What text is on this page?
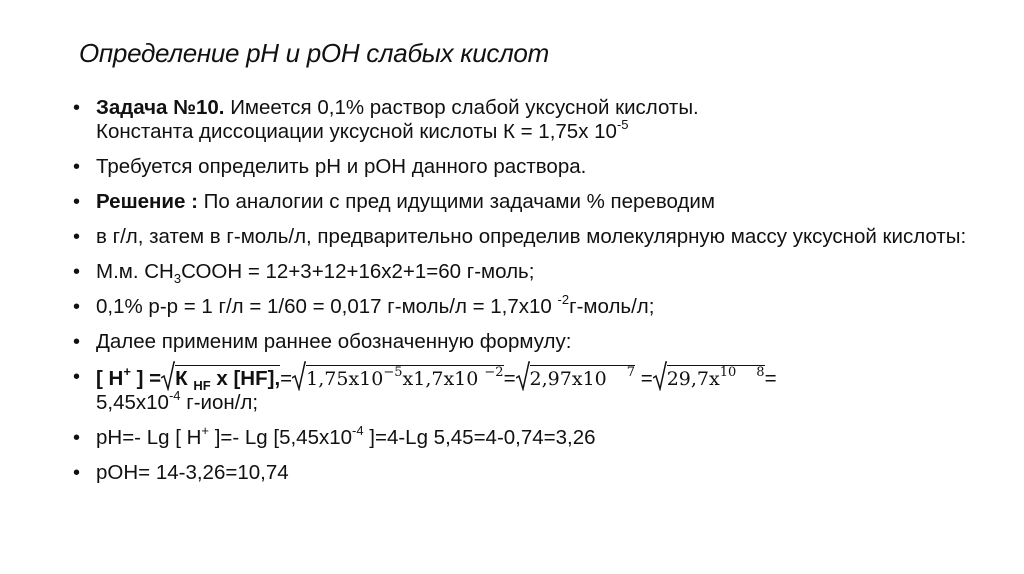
Определение pH и pOH слабых кислот
• Задача №10. Имеется 0,1% раствор слабой уксусной кислоты.
Константа диссоциации уксусной кислоты К = 1,75х $10^{-5}$
• Требуется определить рН и рОН данного раствора.
• Решение : По аналогии с пред идущими задачами % переводим
• в г/л, затем в г-моль/л, предварительно определив молекулярную массу уксусной кислоты:
• М.м. $СН_3СООН = 12+3+12+16х2+1=60$ г-моль;
• 0,1% р-р = 1 г/л = 1/60 = 0,017 г-моль/л = 1,7х10 $^{-2}$г-моль/л;
• Далее применим раннее обозначенную формулу:
• [ H+ ] = К $_{HF}$ х $[HF],= 1,75х10^{-5}х1,7х10$ $^{-2}$= 2,97х10 $^7 = 29,7х^{10}$ $^8$=
$5,45х10^{-4}$ г-ион/л;
• pH=- Lg [ H+ ]=- Lg [$5,45х10^{-4}$ ]=4-Lg 5,45=4-0,74=3,26
• pOH= 14-3,26=10,74
